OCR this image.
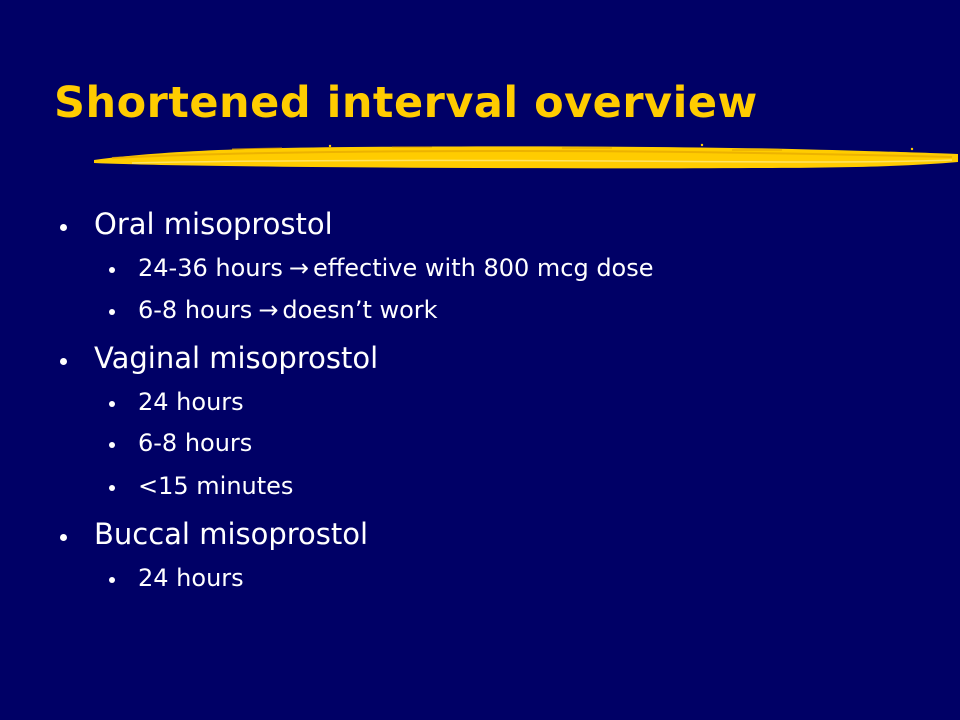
Shortened interval overview
Oral misoprostol
24-36 hours → effective with 800 mcg dose
6-8 hours → doesn’t work
Vaginal misoprostol
24 hours
6-8 hours
<15 minutes
Buccal misoprostol
24 hours
